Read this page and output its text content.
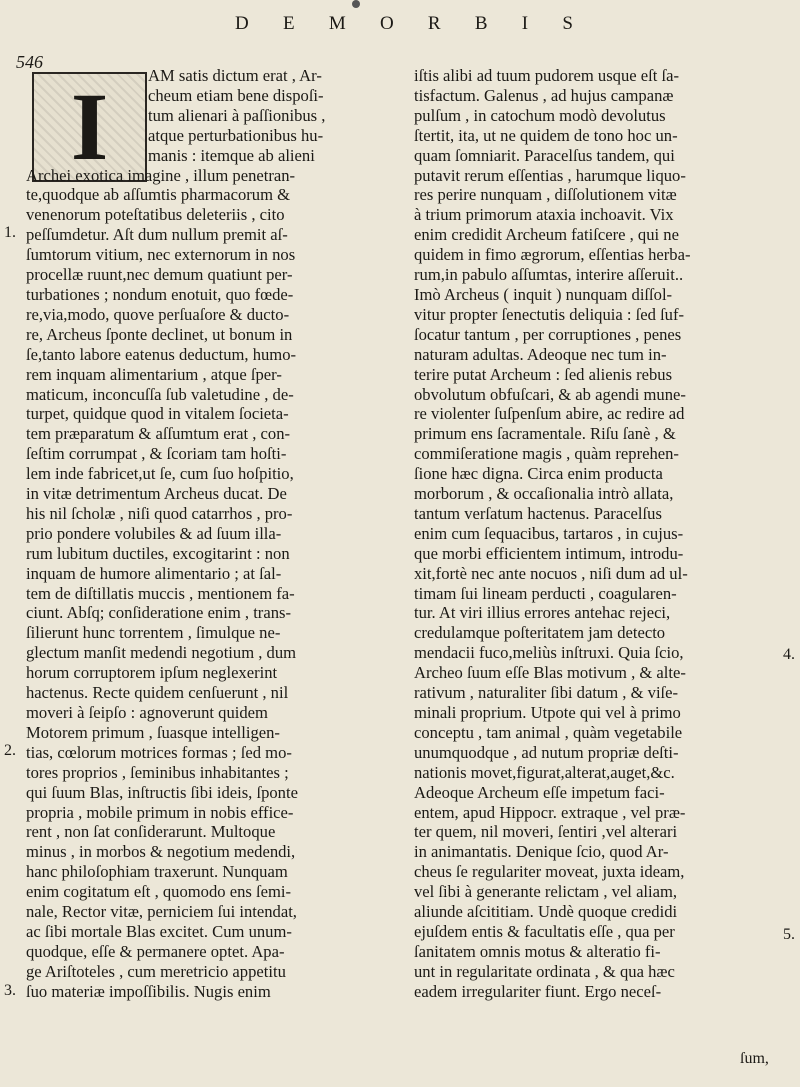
546
D E M O R B I S
I	AM satis dictum erat , Ar-
cheum etiam bene dispoſi-
tum alienari à paſſionibus ,
atque perturbationibus hu-
manis : itemque ab alieni
Archei exotica imagine , illum penetran-
te,quodque ab aſſumtis pharmacorum &
venenorum poteſtatibus deleteriis , cito
peſſumdetur. Aſt dum nullum premit aſ-
ſumtorum vitium, nec externorum in nos
procellæ ruunt,nec demum quatiunt per-
turbationes ; nondum enotuit, quo fœde-
re,via,modo, quove perſuaſore & ducto-
re, Archeus ſponte declinet, ut bonum in
ſe,tanto labore eatenus deductum, humo-
rem inquam alimentarium , atque ſper-
maticum, inconcuſſa ſub valetudine , de-
turpet, quidque quod in vitalem ſocieta-
tem præparatum & aſſumtum erat , con-
ſeſtim corrumpat , & ſcoriam tam hoſti-
lem inde fabricet,ut ſe, cum ſuo hoſpitio,
in vitæ detrimentum Archeus ducat. De
his nil ſcholæ , niſi quod catarrhos , pro-
prio pondere volubiles & ad ſuum illa-
rum lubitum ductiles, excogitarint : non
inquam de humore alimentario ; at ſal-
tem de diſtillatis muccis , mentionem fa-
ciunt. Abſq; conſideratione enim , trans-
ſilierunt hunc torrentem , ſimulque ne-
glectum manſit medendi negotium , dum
horum corruptorem ipſum neglexerint
hactenus. Recte quidem cenſuerunt , nil
moveri à ſeipſo : agnoverunt quidem
Motorem primum , ſuasque intelligen-
tias, cœlorum motrices formas ; ſed mo-
tores proprios , ſeminibus inhabitantes ;
qui ſuum Blas, inſtructis ſibi ideis, ſponte
propria , mobile primum in nobis effice-
rent , non ſat conſiderarunt. Multoque
minus , in morbos & negotium medendi,
hanc philoſophiam traxerunt. Nunquam
enim cogitatum eſt , quomodo ens ſemi-
nale, Rector vitæ, perniciem ſui intendat,
ac ſibi mortale Blas excitet. Cum unum-
quodque, eſſe & permanere optet. Apa-
ge Ariſtoteles , cum meretricio appetitu
ſuo materiæ impoſſibilis. Nugis enim
iſtis alibi ad tuum pudorem usque eſt ſa-
tisfactum. Galenus , ad hujus campanæ
pulſum , in catochum modò devolutus
ſtertit, ita, ut ne quidem de tono hoc un-
quam ſomniarit. Paracelſus tandem, qui
putavit rerum eſſentias , harumque liquo-
res perire nunquam , diſſolutionem vitæ
à trium primorum ataxia inchoavit. Vix
enim credidit Archeum fatiſcere , qui ne
quidem in fimo ægrorum, eſſentias herba-
rum,in pabulo aſſumtas, interire aſſeruit..
Imò Archeus ( inquit ) nunquam diſſol-
vitur propter ſenectutis deliquia : ſed ſuf-
ſocatur tantum , per corruptiones , penes
naturam adultas. Adeoque nec tum in-
terire putat Archeum : ſed alienis rebus
obvolutum obfuſcari, & ab agendi mune-
re violenter ſuſpenſum abire, ac redire ad
primum ens ſacramentale. Riſu ſanè , &
commiſeratione magis , quàm reprehen-
ſione hæc digna. Circa enim producta
morborum , & occaſionalia intrò allata,
tantum verſatum hactenus. Paracelſus
enim cum ſequacibus, tartaros , in cujus-
que morbi efficientem intimum, introdu-
xit,fortè nec ante nocuos , niſi dum ad ul-
timam ſui lineam perducti , coagularen-
tur. At viri illius errores antehac rejeci,
credulamque poſteritatem jam detecto
mendacii fuco,meliùs inſtruxi. Quia ſcio,
Archeo ſuum eſſe Blas motivum , & alte-
rativum , naturaliter ſibi datum , & viſe-
minali proprium. Utpote qui vel à primo
conceptu , tam animal , quàm vegetabile
unumquodque , ad nutum propriæ deſti-
nationis movet,figurat,alterat,auget,&c.
Adeoque Archeum eſſe impetum faci-
entem, apud Hippocr. extraque , vel præ-
ter quem, nil moveri, ſentiri ,vel alterari
in animantatis. Denique ſcio, quod Ar-
cheus ſe regulariter moveat, juxta ideam,
vel ſibi à generante relictam , vel aliam,
aliunde aſcititiam. Undè quoque credidi
ejuſdem entis & facultatis eſſe , qua per
ſanitatem omnis motus & alteratio fi-
unt in regularitate ordinata , & qua hæc
eadem irregulariter fiunt. Ergo neceſ-
1.
2.
3.
4.
5.
ſum,
